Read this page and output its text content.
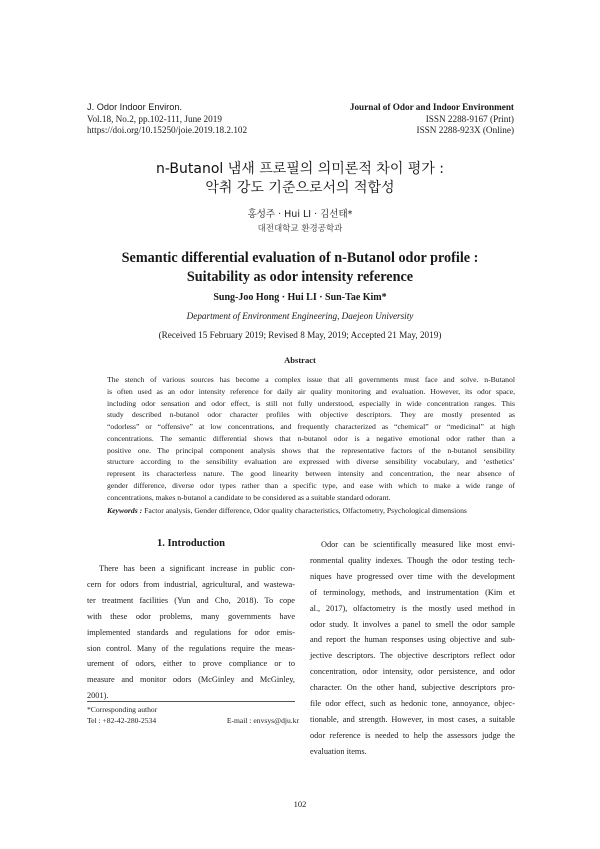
J. Odor Indoor Environ.
Vol.18, No.2, pp.102-111, June 2019
https://doi.org/10.15250/joie.2019.18.2.102
Journal of Odor and Indoor Environment
ISSN 2288-9167 (Print)
ISSN 2288-923X (Online)
n-Butanol 냄새 프로필의 의미론적 차이 평가 :
악취 강도 기준으로서의 적합성
홍성주 · Hui LI · 김선태*
대전대학교 환경공학과
Semantic differential evaluation of n-Butanol odor profile :
Suitability as odor intensity reference
Sung-Joo Hong · Hui LI · Sun-Tae Kim*
Department of Environment Engineering, Daejeon University
(Received 15 February 2019; Revised 8 May, 2019; Accepted 21 May, 2019)
Abstract
The stench of various sources has become a complex issue that all governments must face and solve. n-Butanol
is often used as an odor intensity reference for daily air quality monitoring and evaluation. However, its odor space,
including odor sensation and odor effect, is still not fully understood, especially in wide concentration ranges. This
study described n-butanol odor character profiles with objective descriptors. They are mostly presented as
“odorless” or “offensive” at low concentrations, and frequently characterized as “chemical” or “medicinal” at high
concentrations. The semantic differential shows that n-butanol odor is a negative emotional odor rather than a
positive one. The principal component analysis shows that the representative factors of the n-butanol sensibility
structure according to the sensibility evaluation are expressed with diverse sensibility vocabulary, and ‘esthetics’
represent its characterless nature. The good linearity between intensity and concentration, the near absence of
gender difference, diverse odor types rather than a specific type, and ease with which to make a wide range of
concentrations, makes n-butanol a candidate to be considered as a suitable standard odorant.
Keywords : Factor analysis, Gender difference, Odor quality characteristics, Olfactometry, Psychological dimensions
1. Introduction
There has been a significant increase in public con-
cern for odors from industrial, agricultural, and wastewa-
ter treatment facilities (Yun and Cho, 2018). To cope
with these odor problems, many governments have
implemented standards and regulations for odor emis-
sion control. Many of the regulations require the meas-
urement of odors, either to prove compliance or to
measure and monitor odors (McGinley and McGinley,
2001).
Odor can be scientifically measured like most envi-
ronmental quality indexes. Though the odor testing tech-
niques have progressed over time with the development
of terminology, methods, and instrumentation (Kim et
al., 2017), olfactometry is the mostly used method in
odor study. It involves a panel to smell the odor sample
and report the human responses using objective and sub-
jective descriptors. The objective descriptors reflect odor
concentration, odor intensity, odor persistence, and odor
character. On the other hand, subjective descriptors pro-
file odor effect, such as hedonic tone, annoyance, objec-
tionable, and strength. However, in most cases, a suitable
odor reference is needed to help the assessors judge the
evaluation items.
*Corresponding author
Tel : +82-42-280-2534	E-mail : envsys@dju.kr
102
